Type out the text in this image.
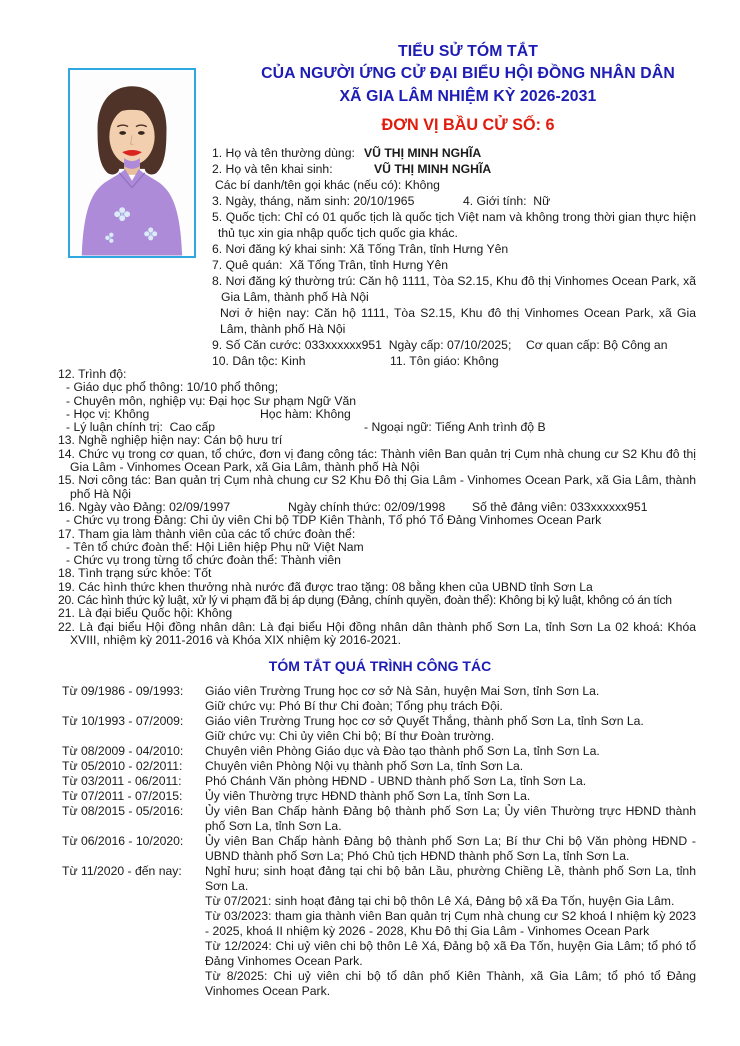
TIỂU SỬ TÓM TẮT
CỦA NGƯỜI ỨNG CỬ ĐẠI BIỂU HỘI ĐỒNG NHÂN DÂN
XÃ GIA LÂM NHIỆM KỲ 2026-2031
ĐƠN VỊ BẦU CỬ SỐ: 6
1. Họ và tên thường dùng: VŨ THỊ MINH NGHĨA
2. Họ và tên khai sinh:	VŨ THỊ MINH NGHĨA
Các bí danh/tên gọi khác (nếu có): Không
3. Ngày, tháng, năm sinh: 20/10/1965	4. Giới tính:  Nữ
5. Quốc tịch: Chỉ có 01 quốc tịch là quốc tịch Việt nam và không trong thời gian thực hiện thủ tục xin gia nhập quốc tịch quốc gia khác.
6. Nơi đăng ký khai sinh: Xã Tống Trân, tỉnh Hưng Yên
7. Quê quán:  Xã Tống Trân, tỉnh Hưng Yên
8. Nơi đăng ký thường trú: Căn hộ 1111, Tòa S2.15, Khu đô thị Vinhomes Ocean Park, xã Gia Lâm, thành phố Hà Nội
Nơi ở hiện nay: Căn hộ 1111, Tòa S2.15, Khu đô thị Vinhomes Ocean Park, xã Gia Lâm, thành phố Hà Nội
9. Số Căn cước: 033xxxxxx951  Ngày cấp: 07/10/2025; Cơ quan cấp: Bộ Công an
10. Dân tộc: Kinh	11. Tôn giáo: Không
12. Trình độ:
- Giáo dục phổ thông: 10/10 phổ thông;
- Chuyên môn, nghiệp vụ: Đại học Sư phạm Ngữ Văn
- Học vị: Không	Học hàm: Không
- Lý luận chính trị:  Cao cấp	- Ngoại ngữ: Tiếng Anh trình độ B
13. Nghề nghiệp hiện nay: Cán bộ hưu trí
14. Chức vụ trong cơ quan, tổ chức, đơn vị đang công tác: Thành viên Ban quản trị Cụm nhà chung cư S2 Khu đô thị Gia Lâm - Vinhomes Ocean Park, xã Gia Lâm, thành phố Hà Nội
15. Nơi công tác: Ban quản trị Cụm nhà chung cư S2 Khu Đô thị Gia Lâm - Vinhomes Ocean Park, xã Gia Lâm, thành phố Hà Nội
16. Ngày vào Đảng: 02/09/1997	Ngày chính thức: 02/09/1998 Số thẻ đảng viên: 033xxxxxx951
- Chức vụ trong Đảng: Chi ủy viên Chi bộ TDP Kiên Thành, Tổ phó Tổ Đảng Vinhomes Ocean Park
17. Tham gia làm thành viên của các tổ chức đoàn thể:
- Tên tổ chức đoàn thể: Hội Liên hiệp Phụ nữ Việt Nam
- Chức vụ trong từng tổ chức đoàn thể: Thành viên
18. Tình trạng sức khỏe: Tốt
19. Các hình thức khen thưởng nhà nước đã được trao tặng: 08 bằng khen của UBND tỉnh Sơn La
20. Các hình thức kỷ luật, xử lý vi phạm đã bị áp dụng (Đảng, chính quyền, đoàn thể): Không bị kỷ luật, không có án tích
21. Là đại biểu Quốc hội: Không
22. Là đại biểu Hội đồng nhân dân: Là đại biểu Hội đồng nhân dân thành phố Sơn La, tỉnh Sơn La 02 khoá: Khóa XVIII, nhiệm kỳ 2011-2016 và Khóa XIX nhiệm kỳ 2016-2021.
TÓM TẮT QUÁ TRÌNH CÔNG TÁC
Từ 09/1986 - 09/1993:	Giáo viên Trường Trung học cơ sở Nà Sản, huyện Mai Sơn, tỉnh Sơn La.
Giữ chức vụ: Phó Bí thư Chi đoàn; Tổng phụ trách Đội.
Từ 10/1993 - 07/2009:	Giáo viên Trường Trung học cơ sở Quyết Thắng, thành phố Sơn La, tỉnh Sơn La.
Giữ chức vụ: Chi ủy viên Chi bộ; Bí thư Đoàn trường.
Từ 08/2009 - 04/2010:	Chuyên viên Phòng Giáo dục và Đào tạo thành phố Sơn La, tỉnh Sơn La.
Từ 05/2010 - 02/2011:	Chuyên viên Phòng Nội vụ thành phố Sơn La, tỉnh Sơn La.
Từ 03/2011 - 06/2011:	Phó Chánh Văn phòng HĐND - UBND thành phố Sơn La, tỉnh Sơn La.
Từ 07/2011 - 07/2015:	Ủy viên Thường trực HĐND thành phố Sơn La, tỉnh Sơn La.
Từ 08/2015 - 05/2016:	Ủy viên Ban Chấp hành Đảng bộ thành phố Sơn La; Ủy viên Thường trực HĐND thành phố Sơn La, tỉnh Sơn La.
Từ 06/2016 - 10/2020:	Ủy viên Ban Chấp hành Đảng bộ thành phố Sơn La; Bí thư Chi bộ Văn phòng HĐND - UBND thành phố Sơn La; Phó Chủ tịch HĐND thành phố Sơn La, tỉnh Sơn La.
Từ 11/2020 - đến nay:	Nghỉ hưu; sinh hoạt đảng tại chi bộ bản Lầu, phường Chiềng Lề, thành phố Sơn La, tỉnh Sơn La.
Từ 07/2021: sinh hoạt đảng tại chi bộ thôn Lê Xá, Đảng bộ xã Đa Tốn, huyện Gia Lâm.
Từ 03/2023: tham gia thành viên Ban quản trị Cụm nhà chung cư S2 khoá I nhiệm kỳ 2023 - 2025, khoá II nhiệm kỳ 2026 - 2028, Khu Đô thị Gia Lâm - Vinhomes Ocean Park
Từ 12/2024: Chi uỷ viên chi bộ thôn Lê Xá, Đảng bộ xã Đa Tốn, huyện Gia Lâm; tổ phó tổ Đảng Vinhomes Ocean Park.
Từ 8/2025: Chi uỷ viên chi bộ tổ dân phố Kiên Thành, xã Gia Lâm; tổ phó tổ Đảng Vinhomes Ocean Park.
